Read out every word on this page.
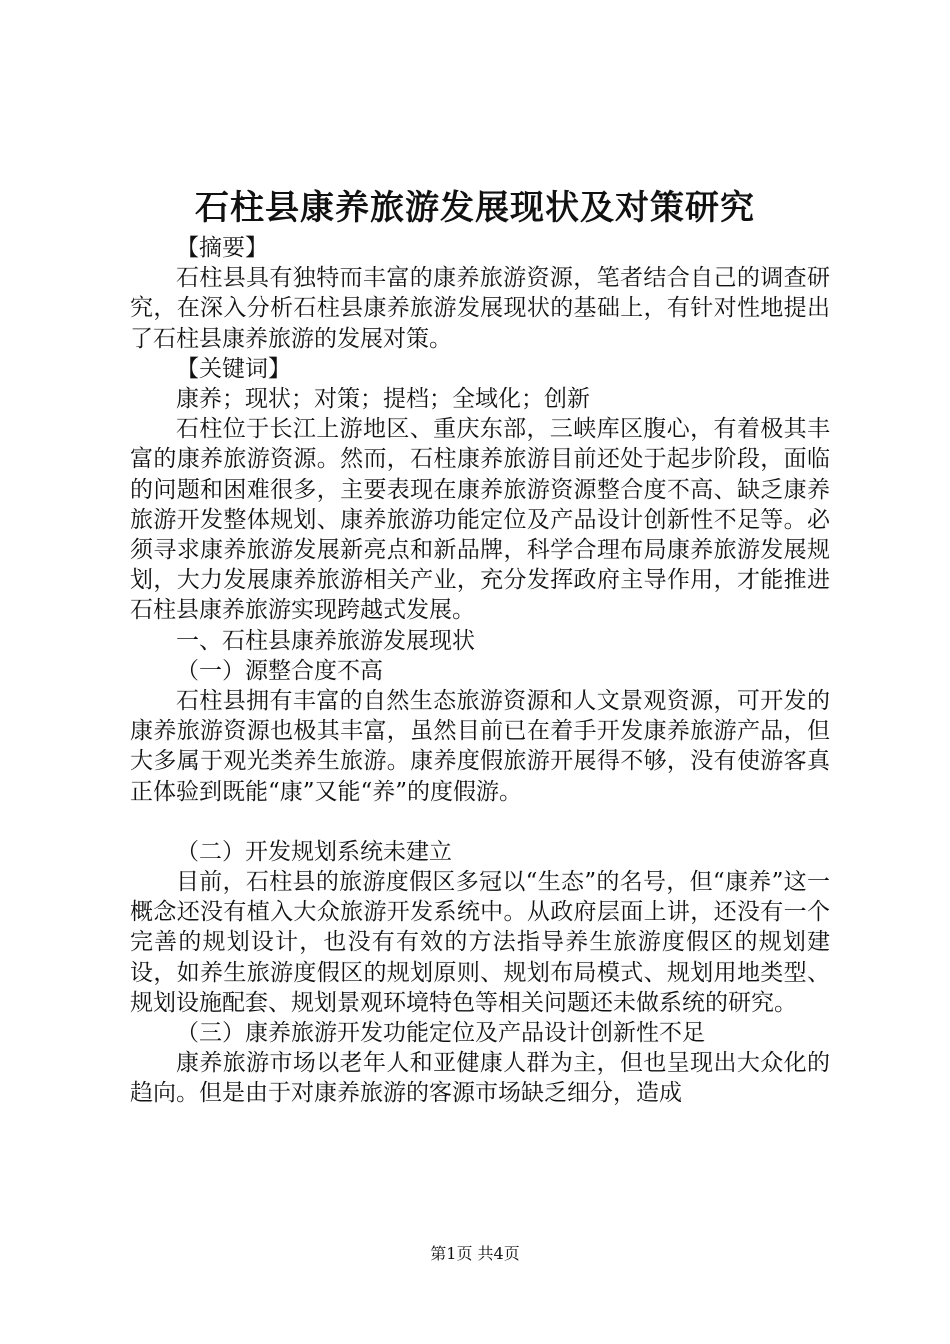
石柱县康养旅游发展现状及对策研究

【摘要】

石柱县具有独特而丰富的康养旅游资源，笔者结合自己的调查研究，在深入分析石柱县康养旅游发展现状的基础上，有针对性地提出了石柱县康养旅游的发展对策。

【关键词】

康养；现状；对策；提档；全域化；创新

石柱位于长江上游地区、重庆东部，三峡库区腹心，有着极其丰富的康养旅游资源。然而，石柱康养旅游目前还处于起步阶段，面临的问题和困难很多，主要表现在康养旅游资源整合度不高、缺乏康养旅游开发整体规划、康养旅游功能定位及产品设计创新性不足等。必须寻求康养旅游发展新亮点和新品牌，科学合理布局康养旅游发展规划，大力发展康养旅游相关产业，充分发挥政府主导作用，才能推进石柱县康养旅游实现跨越式发展。

一、石柱县康养旅游发展现状

（一）源整合度不高

石柱县拥有丰富的自然生态旅游资源和人文景观资源，可开发的康养旅游资源也极其丰富，虽然目前已在着手开发康养旅游产品，但大多属于观光类养生旅游。康养度假旅游开展得不够，没有使游客真正体验到既能“康”又能“养”的度假游。

（二）开发规划系统未建立

目前，石柱县的旅游度假区多冠以“生态”的名号，但“康养”这一概念还没有植入大众旅游开发系统中。从政府层面上讲，还没有一个完善的规划设计，也没有有效的方法指导养生旅游度假区的规划建设，如养生旅游度假区的规划原则、规划布局模式、规划用地类型、规划设施配套、规划景观环境特色等相关问题还未做系统的研究。

（三）康养旅游开发功能定位及产品设计创新性不足

康养旅游市场以老年人和亚健康人群为主，但也呈现出大众化的趋向。但是由于对康养旅游的客源市场缺乏细分，造成

第1页 共4页
